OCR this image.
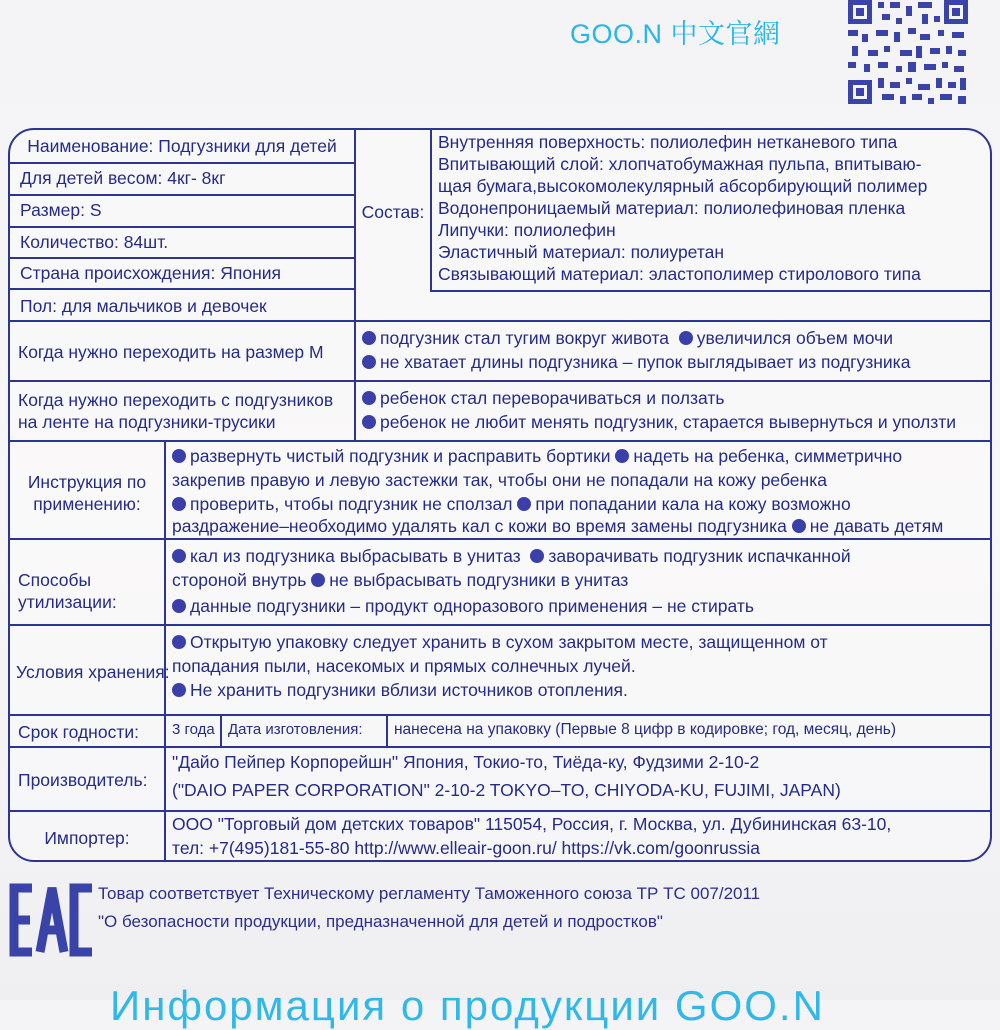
GOO.N 中文官網
Наименование: Подгузники для детей
Для детей весом: 4кг- 8кг
Размер: S
Количество: 84шт.
Страна происхождения: Япония
Пол: для мальчиков и девочек
Состав:
Внутренняя поверхность: полиолефин нетканевого типа
Впитывающий слой: хлопчатобумажная пульпа, впитываю-
щая бумага,высокомолекулярный абсорбирующий полимер
Водонепроницаемый материал: полиолефиновая пленка
Липучки: полиолефин
Эластичный материал: полиуретан
Связывающий материал: эластополимер стиролового типа
Когда нужно переходить на размер М
подгузник стал тугим вокруг живота увеличился объем мочи
не хватает длины подгузника – пупок выглядывает из подгузника
Когда нужно переходить с подгузников
на ленте на подгузники-трусики
ребенок стал переворачиваться и ползать
ребенок не любит менять подгузник, старается вывернуться и уползти
Инструкция по
применению:
развернуть чистый подгузник и расправить бортики надеть на ребенка, симметрично
закрепив правую и левую застежки так, чтобы они не попадали на кожу ребенка
проверить, чтобы подгузник не сползал при попадании кала на кожу возможно
раздражение–необходимо удалять кал с кожи во время замены подгузника не давать детям
Способы
утилизации:
кал из подгузника выбрасывать в унитаз заворачивать подгузник испачканной
стороной внутрь не выбрасывать подгузники в унитаз
данные подгузники – продукт одноразового применения – не стирать
Условия хранения:
Открытую упаковку следует хранить в сухом закрытом месте, защищенном от
попадания пыли, насекомых и прямых солнечных лучей.
Не хранить подгузники вблизи источников отопления.
Срок годности: 3 года Дата изготовления: нанесена на упаковку (Первые 8 цифр в кодировке; год, месяц, день)
Производитель:
"Дайо Пейпер Корпорейшн" Япония, Токио-то, Тиёда-ку, Фудзими 2-10-2
("DAIO PAPER CORPORATION" 2-10-2 TOKYO–TO, CHIYODA-KU, FUJIMI, JAPAN)
Импортер:
ООО "Торговый дом детских товаров" 115054, Россия, г. Москва, ул. Дубининская 63-10,
тел: +7(495)181-55-80 http://www.elleair-goon.ru/ https://vk.com/goonrussia
Товар соответствует Техническому регламенту Таможенного союза ТР ТС 007/2011
"О безопасности продукции, предназначенной для детей и подростков"
Информация о продукции GOO.N
